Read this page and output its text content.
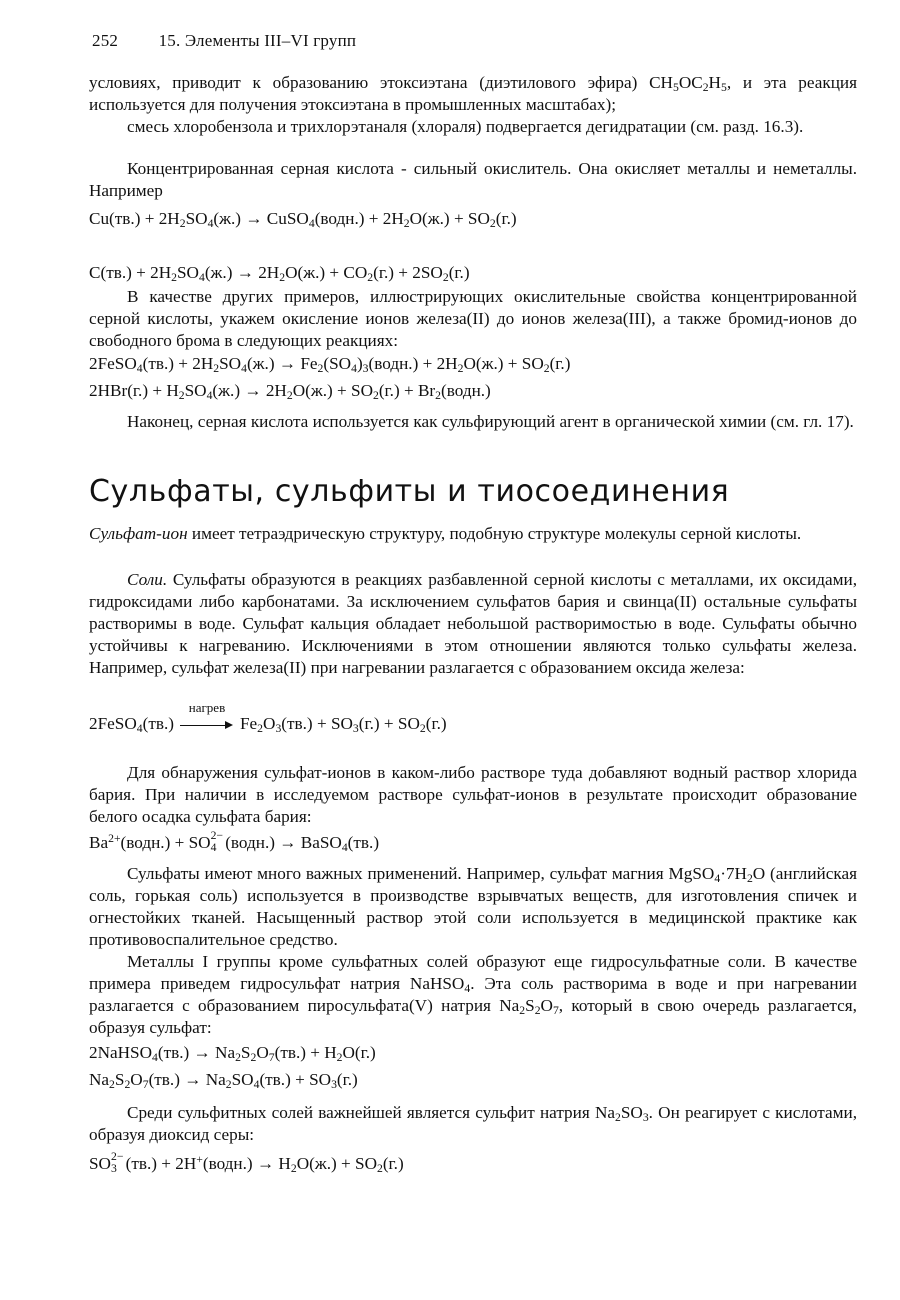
252 15. Элементы III–VI групп

условиях, приводит к образованию этоксиэтана (диэтилового эфира) $CH_5OC_2H_5$, и эта реакция используется для получения этоксиэтана в промышленных масштабах);

смесь хлоробензола и трихлорэтаналя (хлораля) подвергается дегидратации (см. разд. 16.3).

Концентрированная серная кислота - сильный окислитель. Она окисляет металлы и неметаллы. Например

$Cu(тв.) + 2H_2SO_4(ж.)$ → CuSO$_4$(водн.) + $2H_2O(ж.) + SO_2(г.)$
$C(тв.) + 2H_2SO_4(ж.) \to 2H_2O(ж.) + CO_2(г.) + 2SO_2(г.)$

В качестве других примеров, иллюстрирующих окислительные свойства концентрированной серной кислоты, укажем окисление ионов железа(II) до ионов железа(III), а также бромид-ионов до свободного брома в следующих реакциях:

2FeSO$_4$(тв.) + $2H_2SO_4(ж.)$ → $Fe_2(SO_4)_3(водн.) + 2H_2O(ж.) + SO_2(г.)$
$2HBr(г.) + H_2SO_4(ж.) \to 2H_2O(ж.) + SO_2(г.)$ + $Br_2(водн.)$

Наконец, серная кислота используется как сульфирующий агент в органической химии (см. гл. 17).

Сульфаты, сульфиты и тиосоединения

Сульфат-ион имеет тетраэдрическую структуру, подобную структуре молекулы серной кислоты.

Соли. Сульфаты образуются в реакциях разбавленной серной кислоты с металлами, их оксидами, гидроксидами либо карбонатами. За исключением сульфатов бария и свинца(II) остальные сульфаты растворимы в воде. Сульфат кальция обладает небольшой растворимостью в воде. Сульфаты обычно устойчивы к нагреванию. Исключениями в этом отношении являются только сульфаты железа. Например, сульфат железа(II) при нагревании разлагается с образованием оксида железа:

2FeSO$_4$(тв.)
нагрев
$Fe_2O_3(тв.) + SO_3(г.) + SO_2(г.)$

Для обнаружения сульфат-ионов в каком-либо растворе туда добавляют водный раствор хлорида бария. При наличии в исследуемом растворе сульфат-ионов в результате происходит образование белого осадка сульфата бария:

$Ba^{2+}(водн.)$ + SO 2−
4 (водн.) → BaSO$_4$(тв.)

Сульфаты имеют много важных применений. Например, сульфат магния $MgSO_4\cdot 7H_2O$ (английская соль, горькая соль) используется в производстве взрывчатых веществ, для изготовления спичек и огнестойких тканей. Насыщенный раствор этой соли используется в медицинской практике как противовоспалительное средство.

Металлы I группы кроме сульфатных солей образуют еще гидросульфатные соли. В качестве примера приведем гидросульфат натрия NaHSO$_4$. Эта соль растворима в воде и при нагревании разлагается с образованием пиросульфата(V) натрия $Na_2S_2O_7$, который в свою очередь разлагается, образуя сульфат:

2NaHSO$_4$(тв.) → $Na_2S_2O_7(тв.) + H_2O(г.)$
$Na_2S_2O_7(тв.) \to Na_2SO_4(тв.) + SO_3(г.)$

Среди сульфитных солей важнейшей является сульфит натрия $Na_2SO_3$. Он реагирует с кислотами, образуя диоксид серы:

SO 2−
3 (тв.) + 2H+(водн.) → $H_2O(ж.) + SO_2(г.)$
